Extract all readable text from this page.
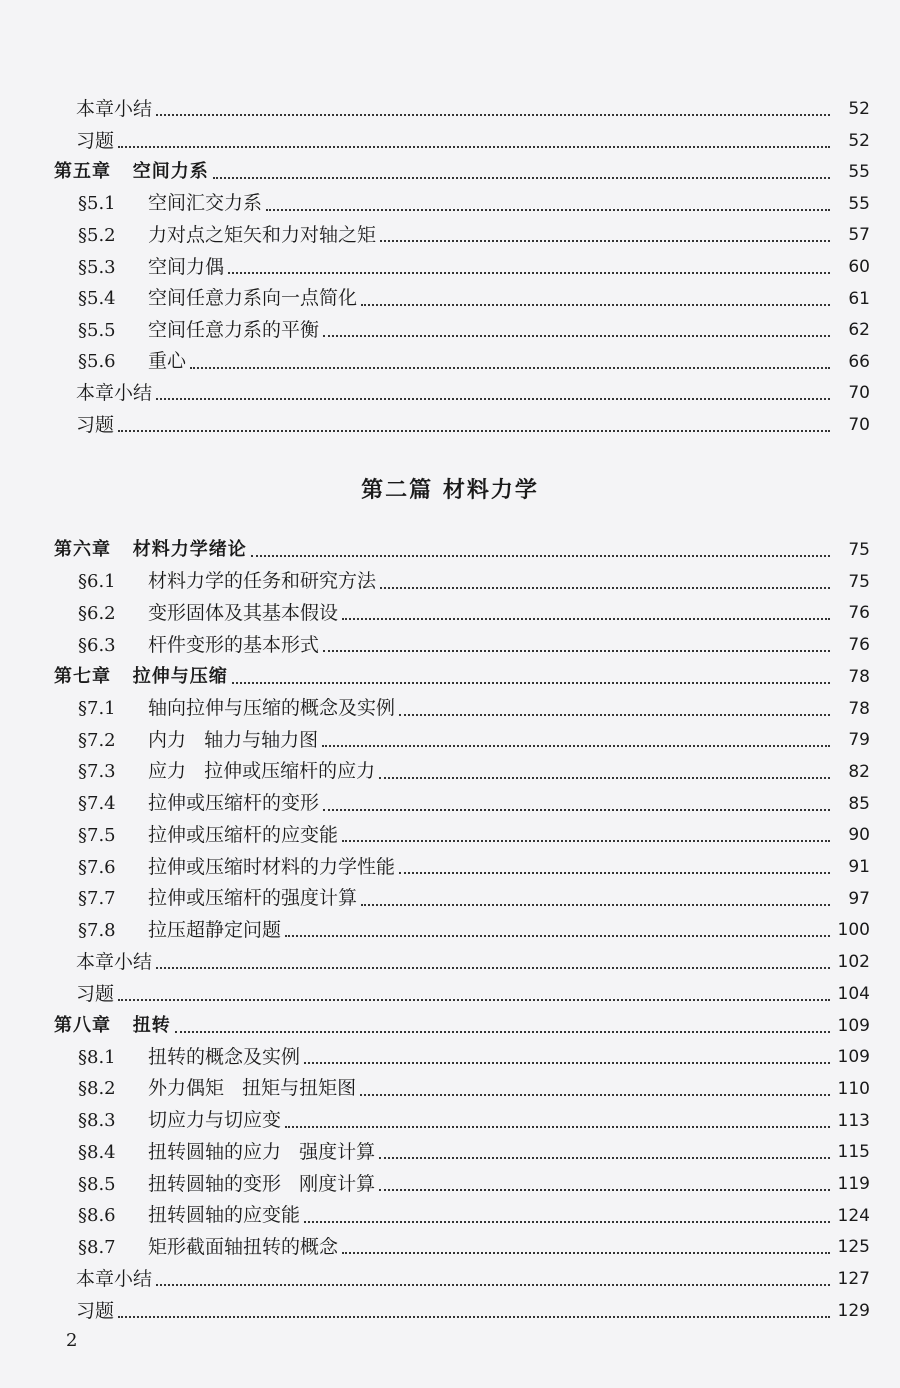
本章小结	52
习题	52
第五章   空间力系	55
§5.1 空间汇交力系	55
§5.2 力对点之矩矢和力对轴之矩	57
§5.3 空间力偶	60
§5.4 空间任意力系向一点简化	61
§5.5 空间任意力系的平衡	62
§5.6 重心	66
本章小结	70
习题	70
第二篇 材料力学
第六章   材料力学绪论	75
§6.1 材料力学的任务和研究方法	75
§6.2 变形固体及其基本假设	76
§6.3 杆件变形的基本形式	76
第七章   拉伸与压缩	78
§7.1 轴向拉伸与压缩的概念及实例	78
§7.2 内力   轴力与轴力图	79
§7.3 应力   拉伸或压缩杆的应力	82
§7.4 拉伸或压缩杆的变形	85
§7.5 拉伸或压缩杆的应变能	90
§7.6 拉伸或压缩时材料的力学性能	91
§7.7 拉伸或压缩杆的强度计算	97
§7.8 拉压超静定问题	100
本章小结	102
习题	104
第八章   扭转	109
§8.1 扭转的概念及实例	109
§8.2 外力偶矩   扭矩与扭矩图	110
§8.3 切应力与切应变	113
§8.4 扭转圆轴的应力   强度计算	115
§8.5 扭转圆轴的变形   刚度计算	119
§8.6 扭转圆轴的应变能	124
§8.7 矩形截面轴扭转的概念	125
本章小结	127
习题	129
2
